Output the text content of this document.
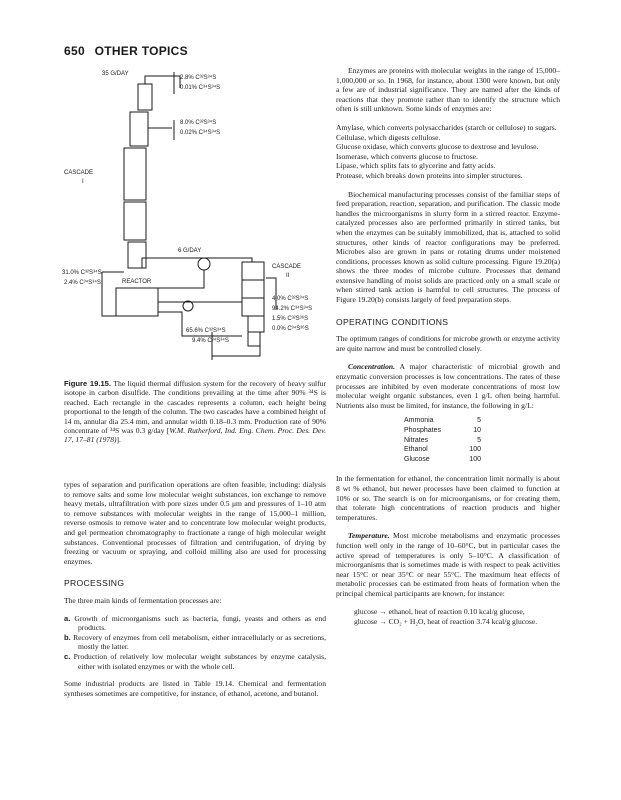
650 OTHER TOPICS
35 G/DAY
2.8% C³²S³⁴S
0.01% C³⁴S³⁴S
8.0% C³²S³⁴S
0.02% C³⁴S³⁴S
CASCADE
I
6 G/DAY
CASCADE
II
31.0% C³²S³⁴S
2.4% C³⁴S³⁴S	REACTOR
4.0% C³²S³⁴S
94.2% C³⁴S³⁴S
1.5% C³²S³⁶S
0.0% C³⁴S³⁶S
65.6% C³²S³⁴S
9.4% C³⁴S³⁴S
Figure 19.15. The liquid thermal diffusion system for the recovery of heavy sulfur isotope in carbon disulfide. The conditions prevailing at the time after 90% ³⁴S is reached. Each rectangle in the cascades represents a column, each height being proportional to the length of the column. The two cascades have a combined height of 14 m, annular dia 25.4 mm, and annular width 0.18–0.3 mm. Production rate of 90% concentrate of ³⁴S was 0.3 g/day [W.M. Rutherford, Ind. Eng. Chem. Proc. Des. Dev. 17, 17–81 (1978)].

types of separation and purification operations are often feasible, including: dialysis to remove salts and some low molecular weight substances, ion exchange to remove heavy metals, ultrafiltration with pore sizes under 0.5 μm and pressures of 1–10 atm to remove substances with molecular weights in the range of 15,000–1 million, reverse osmosis to remove water and to concentrate low molecular weight products, and gel permeation chromatography to fractionate a range of high molecular weight substances. Conventional processes of filtration and centrifugation, of drying by freezing or vacuum or spraying, and colloid milling also are used for processing enzymes.

PROCESSING

The three main kinds of fermentation processes are:

a. Growth of microorganisms such as bacteria, fungi, yeasts and others as end products.

b. Recovery of enzymes from cell metabolism, either intracellularly or as secretions, mostly the latter.

c. Production of relatively low molecular weight substances by enzyme catalysis, either with isolated enzymes or with the whole cell.

Some industrial products are listed in Table 19.14. Chemical and fermentation syntheses sometimes are competitive, for instance, of ethanol, acetone, and butanol.

Enzymes are proteins with molecular weights in the range of 15,000–1,000,000 or so. In 1968, for instance, about 1300 were known, but only a few are of industrial significance. They are named after the kinds of reactions that they promote rather than to identify the structure which often is still unknown. Some kinds of enzymes are:

Amylase, which converts polysaccharides (starch or cellulose) to sugars.

Cellulase, which digests cellulose.

Glucose oxidase, which converts glucose to dextrose and levulose.

Isomerase, which converts glucose to fructose.

Lipase, which splits fats to glycerine and fatty acids.

Protease, which breaks down proteins into simpler structures.

Biochemical manufacturing processes consist of the familiar steps of feed preparation, reaction, separation, and purification. The classic mode handles the microorganisms in slurry form in a stirred reactor. Enzyme-catalyzed processes also are performed primarily in stirred tanks, but when the enzymes can be suitably immobilized, that is, attached to solid structures, other kinds of reactor configurations may be preferred. Microbes also are grown in pans or rotating drums under moistened conditions, processes known as solid culture processing. Figure 19.20(a) shows the three modes of microbe culture. Processes that demand extensive handling of moist solids are practiced only on a small scale or when stirred tank action is harmful to cell structures. The process of Figure 19.20(b) consists largely of feed preparation steps.

OPERATING CONDITIONS

The optimum ranges of conditions for microbe growth or enzyme activity are quite narrow and must be controlled closely.

Concentration. A major characteristic of microbial growth and enzymatic conversion processes is low concentrations. The rates of these processes are inhibited by even moderate concentrations of most low molecular weight organic substances, even 1 g/L often being harmful. Nutrients also must be limited, for instance, the following in g/L:

Ammonia	5
Phosphates	10
Nitrates	5
Ethanol	100
Glucose	100

In the fermentation for ethanol, the concentration limit normally is about 8 wt % ethanol, but newer processes have been claimed to function at 10% or so. The search is on for microorganisms, or for creating them, that tolerate high concentrations of reaction products and higher temperatures.

Temperature. Most microbe metabolisms and enzymatic processes function well only in the range of 10–60°C, but in particular cases the active spread of temperatures is only 5–10°C. A classification of microorganisms that is sometimes made is with respect to peak activities near 15°C or near 35°C or near 55°C. The maximum heat effects of metabolic processes can be estimated from heats of formation when the principal chemical participants are known, for instance:

glucose → ethanol, heat of reaction 0.10 kcal/g glucose,
glucose → CO₂ + H₂O, heat of reaction 3.74 kcal/g glucose.
